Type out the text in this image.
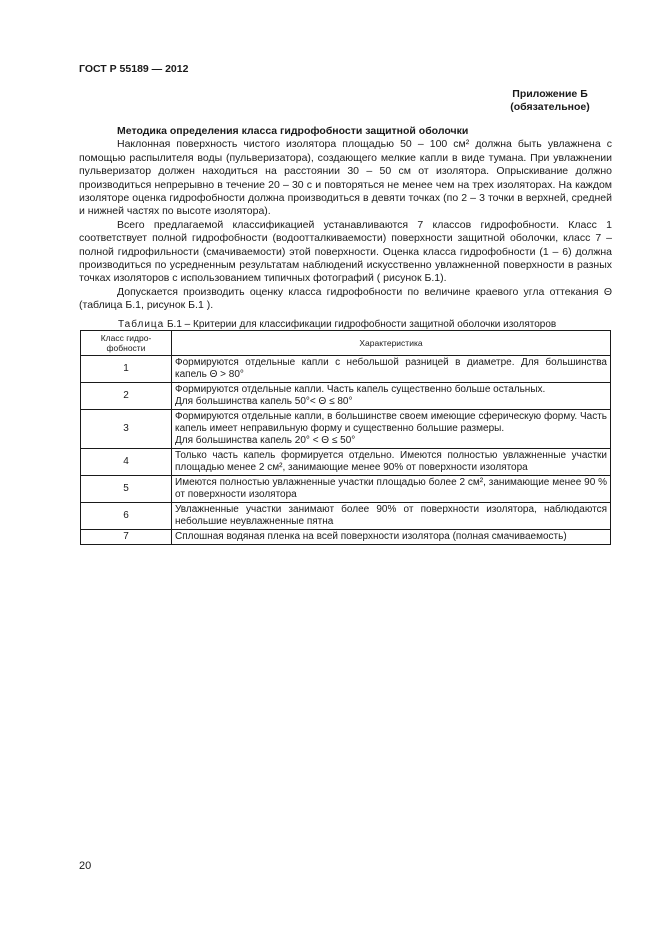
ГОСТ Р 55189 — 2012
Приложение Б
(обязательное)
Методика определения класса гидрофобности защитной оболочки

Наклонная поверхность чистого изолятора площадью 50 – 100 см² должна быть увлажнена с помощью распылителя воды (пульверизатора), создающего мелкие капли в виде тумана. При увлажнении пульверизатор должен находиться на расстоянии 30 – 50 см от изолятора. Опрыскивание должно производиться непрерывно в течение 20 – 30 с и повторяться не менее чем на трех изоляторах. На каждом изоляторе оценка гидрофобности должна производиться в девяти точках (по 2 – 3 точки в верхней, средней и нижней частях по высоте изолятора).

Всего предлагаемой классификацией устанавливаются 7 классов гидрофобности. Класс 1 соответствует полной гидрофобности (водоотталкиваемости) поверхности защитной оболочки, класс 7 – полной гидрофильности (смачиваемости) этой поверхности. Оценка класса гидрофобности (1 – 6) должна производиться по усредненным результатам наблюдений искусственно увлажненной поверхности в разных точках изоляторов с использованием типичных фотографий ( рисунок Б.1).

Допускается производить оценку класса гидрофобности по величине краевого угла оттекания Θ (таблица Б.1, рисунок Б.1 ).

Таблица Б.1 – Критерии для классификации гидрофобности защитной оболочки изоляторов
Класс гидро-фобности	Характеристика
1	Формируются отдельные капли с небольшой разницей в диаметре. Для большинства капель Θ > 80°

2	Формируются отдельные капли. Часть капель существенно больше остальных.
Для большинства капель 50°< Θ ≤ 80°

3	Формируются отдельные капли, в большинстве своем имеющие сферическую форму. Часть капель имеет неправильную форму и существенно большие размеры.
Для большинства капель 20° < Θ ≤ 50°

4	Только часть капель формируется отдельно. Имеются полностью увлажненные участки площадью менее 2 см², занимающие менее 90% от поверхности изолятора

5	Имеются полностью увлажненные участки площадью более 2 см², занимающие менее 90 % от поверхности изолятора

6	Увлажненные участки занимают более 90% от поверхности изолятора, наблюдаются небольшие неувлажненные пятна

7	Сплошная водяная пленка на всей поверхности изолятора (полная смачиваемость)
20
